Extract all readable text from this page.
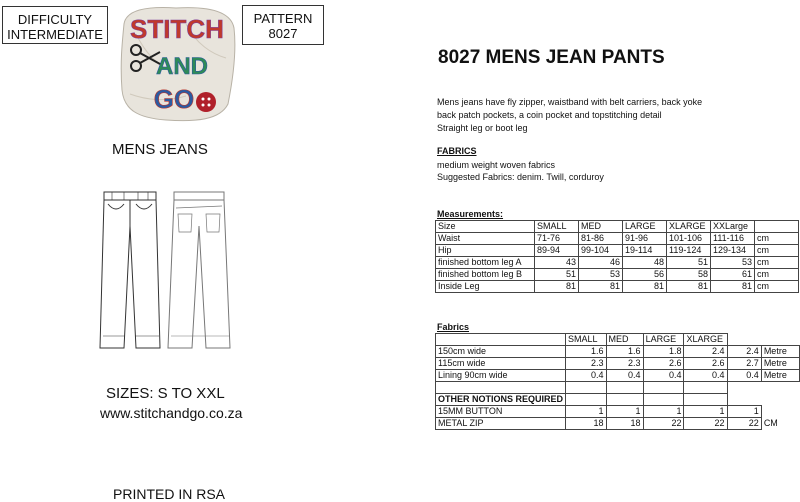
DIFFICULTY
INTERMEDIATE STITCH
AND
GO
PATTERN
8027
8027 MENS JEAN PANTS
Mens jeans have fly zipper, waistband with belt carriers, back yoke
back patch pockets, a coin pocket and topstitching detail
Straight leg or boot leg
FABRICS
medium weight woven fabrics
Suggested Fabrics: denim. Twill, corduroy
Measurements:
Size	SMALL	MED	LARGE	XLARGE	XXLarge	
Waist	71-76	81-86	91-96	101-106	111-116	cm
Hip	89-94	99-104	19-114	119-124	129-134	cm
finished bottom leg A	43	46	48	51	53	cm
finished bottom leg B	51	53	56	58	61	cm
Inside Leg	81	81	81	81	81	cm
Fabrics
	SMALL	MED	LARGE	XLARGE		
150cm wide	1.6	1.6	1.8	2.4	2.4	Metre
115cm wide	2.3	2.3	2.6	2.6	2.7	Metre
Lining 90cm wide	0.4	0.4	0.4	0.4	0.4	Metre

OTHER NOTIONS REQUIRED						
15MM BUTTON	1	1	1	1	1	
METAL ZIP	18	18	22	22	22	CM
MENS JEANS
SIZES: S TO XXL
www.stitchandgo.co.za
PRINTED IN RSA
